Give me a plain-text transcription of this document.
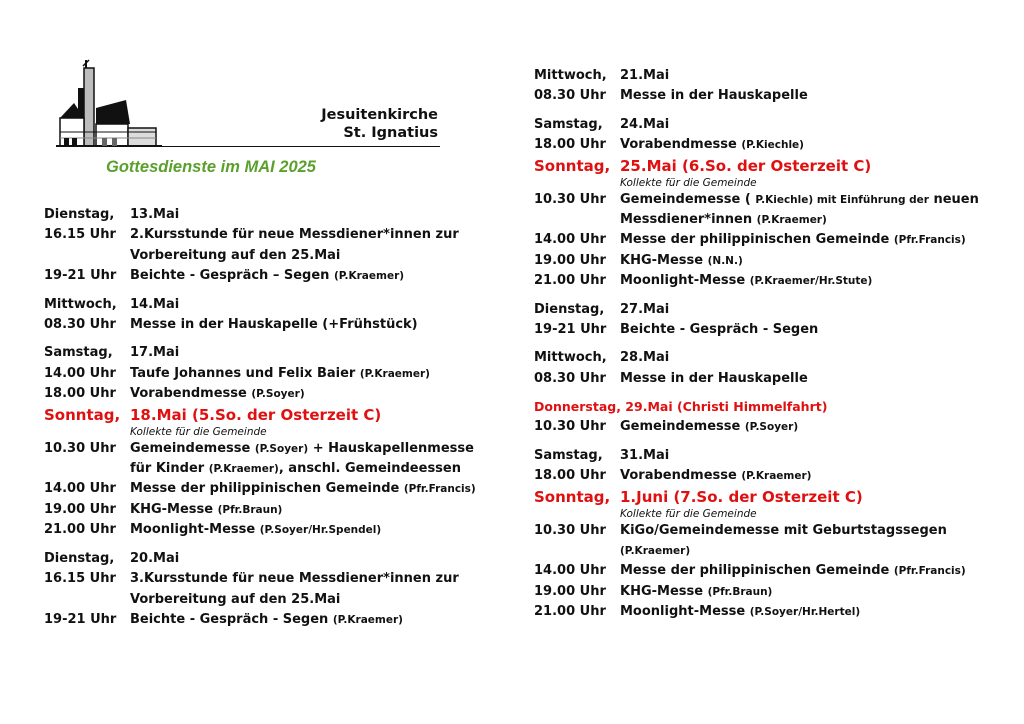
Jesuitenkirche
St. Ignatius
Gottesdienste im MAI 2025
Dienstag,	13.Mai
16.15 Uhr	2.Kursstunde für neue Messdiener*innen zur Vorbereitung auf den 25.Mai
19-21 Uhr	Beichte - Gespräch – Segen (P.Kraemer)
Mittwoch,	14.Mai
08.30 Uhr	Messe in der Hauskapelle (+Frühstück)
Samstag,	17.Mai
14.00 Uhr	Taufe Johannes und Felix Baier (P.Kraemer)
18.00 Uhr	Vorabendmesse (P.Soyer)
Sonntag, 18.Mai (5.So. der Osterzeit C)
Kollekte für die Gemeinde
10.30 Uhr	Gemeindemesse (P.Soyer) + Hauskapellenmesse für Kinder (P.Kraemer), anschl. Gemeindeessen
14.00 Uhr	Messe der philippinischen Gemeinde (Pfr.Francis)
19.00 Uhr	KHG-Messe (Pfr.Braun)
21.00 Uhr	Moonlight-Messe (P.Soyer/Hr.Spendel)
Dienstag,	20.Mai
16.15 Uhr	3.Kursstunde für neue Messdiener*innen zur Vorbereitung auf den 25.Mai
19-21 Uhr	Beichte - Gespräch - Segen (P.Kraemer)
Mittwoch,	21.Mai
08.30 Uhr	Messe in der Hauskapelle
Samstag,	24.Mai
18.00 Uhr	Vorabendmesse (P.Kiechle)
Sonntag, 25.Mai (6.So. der Osterzeit C)
Kollekte für die Gemeinde
10.30 Uhr	Gemeindemesse ( P.Kiechle) mit Einführung der neuen Messdiener*innen (P.Kraemer)
14.00 Uhr	Messe der philippinischen Gemeinde (Pfr.Francis)
19.00 Uhr	KHG-Messe (N.N.)
21.00 Uhr	Moonlight-Messe (P.Kraemer/Hr.Stute)
Dienstag,	27.Mai
19-21 Uhr	Beichte - Gespräch - Segen
Mittwoch,	28.Mai
08.30 Uhr	Messe in der Hauskapelle
Donnerstag, 29.Mai (Christi Himmelfahrt)
10.30 Uhr	Gemeindemesse (P.Soyer)
Samstag,	31.Mai
18.00 Uhr	Vorabendmesse (P.Kraemer)
Sonntag, 1.Juni (7.So. der Osterzeit C)
Kollekte für die Gemeinde
10.30 Uhr	KiGo/Gemeindemesse mit Geburtstagssegen (P.Kraemer)
14.00 Uhr	Messe der philippinischen Gemeinde (Pfr.Francis)
19.00 Uhr	KHG-Messe (Pfr.Braun)
21.00 Uhr	Moonlight-Messe (P.Soyer/Hr.Hertel)
